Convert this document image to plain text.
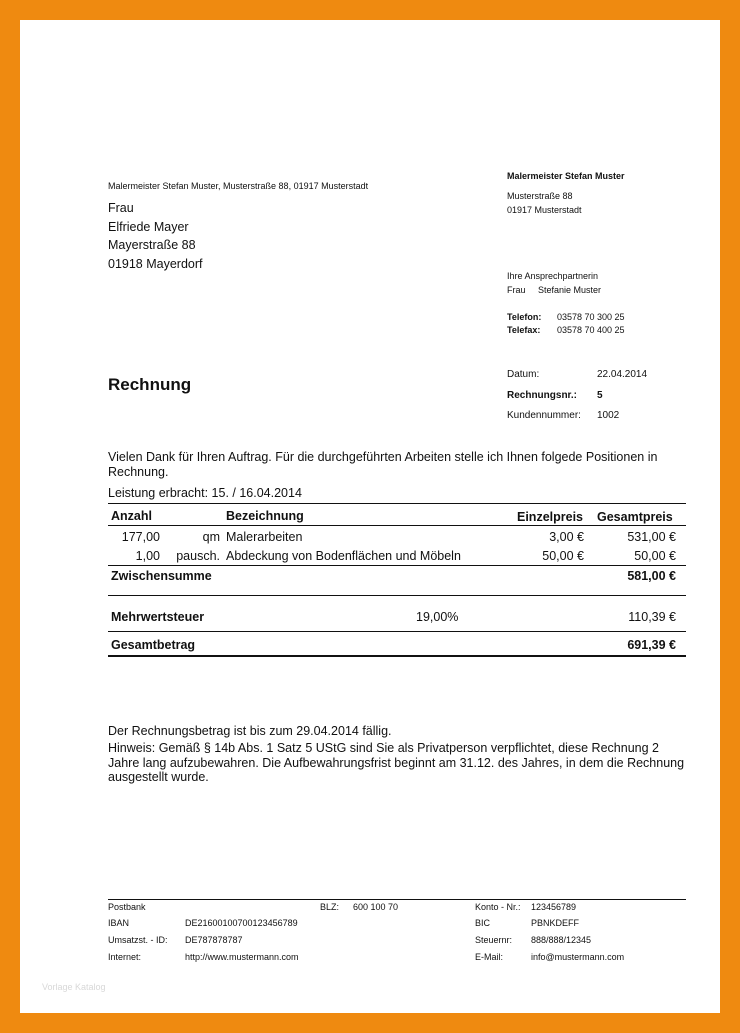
Malermeister Stefan Muster, Musterstraße 88, 01917 Musterstadt
Frau
Elfriede Mayer
Mayerstraße 88
01918 Mayerdorf
Malermeister Stefan Muster
Musterstraße 88
01917 Musterstadt
Ihre Ansprechpartnerin
Frau Stefanie Muster
Telefon: 03578 70 300 25
Telefax: 03578 70 400 25
Rechnung
Datum:	22.04.2014
Rechnungsnr.: 5
Kundennummer: 1002
Vielen Dank für Ihren Auftrag. Für die durchgeführten Arbeiten stelle ich Ihnen folgede Positionen in Rechnung.
Leistung erbracht: 15. / 16.04.2014
Anzahl	Bezeichnung	Einzelpreis Gesamtpreis
177,00	qm Malerarbeiten	3,00 €	531,00 €
1,00	pausch. Abdeckung von Bodenflächen und Möbeln	50,00 €	50,00 €
Zwischensumme	581,00 €
Mehrwertsteuer	19,00%	110,39 €
Gesamtbetrag	691,39 €
Der Rechnungsbetrag ist bis zum 29.04.2014 fällig.
Hinweis: Gemäß § 14b Abs. 1 Satz 5 UStG sind Sie als Privatperson verpflichtet, diese Rechnung 2 Jahre lang aufzubewahren. Die Aufbewahrungsfrist beginnt am 31.12. des Jahres, in dem die Rechnung ausgestellt wurde.
Postbank	BLZ: 600 100 70	Konto - Nr.: 123456789
IBAN	DE21600100700123456789	BIC	PBNKDEFF
Umsatzst. - ID: DE787878787	Steuernr: 888/888/12345
Internet:	http://www.mustermann.com	E-Mail:	info@mustermann.com
Vorlage Katalog
